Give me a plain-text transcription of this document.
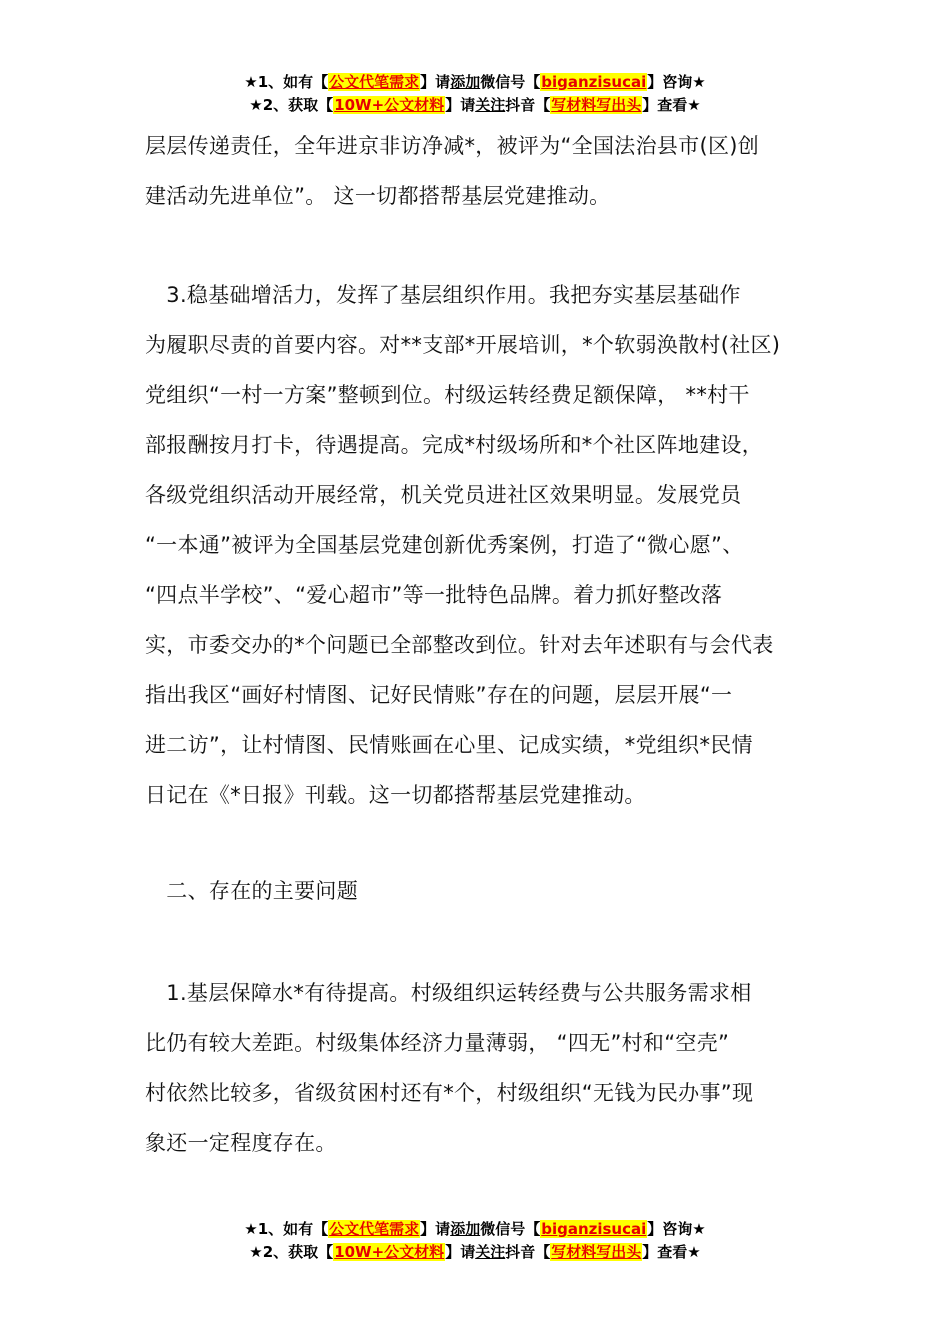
★1、如有【公文代笔需求】请添加微信号【biganzisucai】咨询★
★2、获取【10W+公文材料】请关注抖音【写材料写出头】查看★
层层传递责任，全年进京非访净减*，被评为“全国法治县市(区)创
建活动先进单位”。 这一切都搭帮基层党建推动。
　3.稳基础增活力，发挥了基层组织作用。我把夯实基层基础作
为履职尽责的首要内容。对**支部*开展培训，*个软弱涣散村(社区)
党组织“一村一方案”整顿到位。村级运转经费足额保障， **村干
部报酬按月打卡，待遇提高。完成*村级场所和*个社区阵地建设，
各级党组织活动开展经常，机关党员进社区效果明显。发展党员
“一本通”被评为全国基层党建创新优秀案例，打造了“微心愿”、
“四点半学校”、“爱心超市”等一批特色品牌。着力抓好整改落
实，市委交办的*个问题已全部整改到位。针对去年述职有与会代表
指出我区“画好村情图、记好民情账”存在的问题，层层开展“一
进二访”，让村情图、民情账画在心里、记成实绩，*党组织*民情
日记在《*日报》刊载。这一切都搭帮基层党建推动。
　二、存在的主要问题
　1.基层保障水*有待提高。村级组织运转经费与公共服务需求相
比仍有较大差距。村级集体经济力量薄弱， “四无”村和“空壳”
村依然比较多，省级贫困村还有*个，村级组织“无钱为民办事”现
象还一定程度存在。
★1、如有【公文代笔需求】请添加微信号【biganzisucai】咨询★
★2、获取【10W+公文材料】请关注抖音【写材料写出头】查看★
